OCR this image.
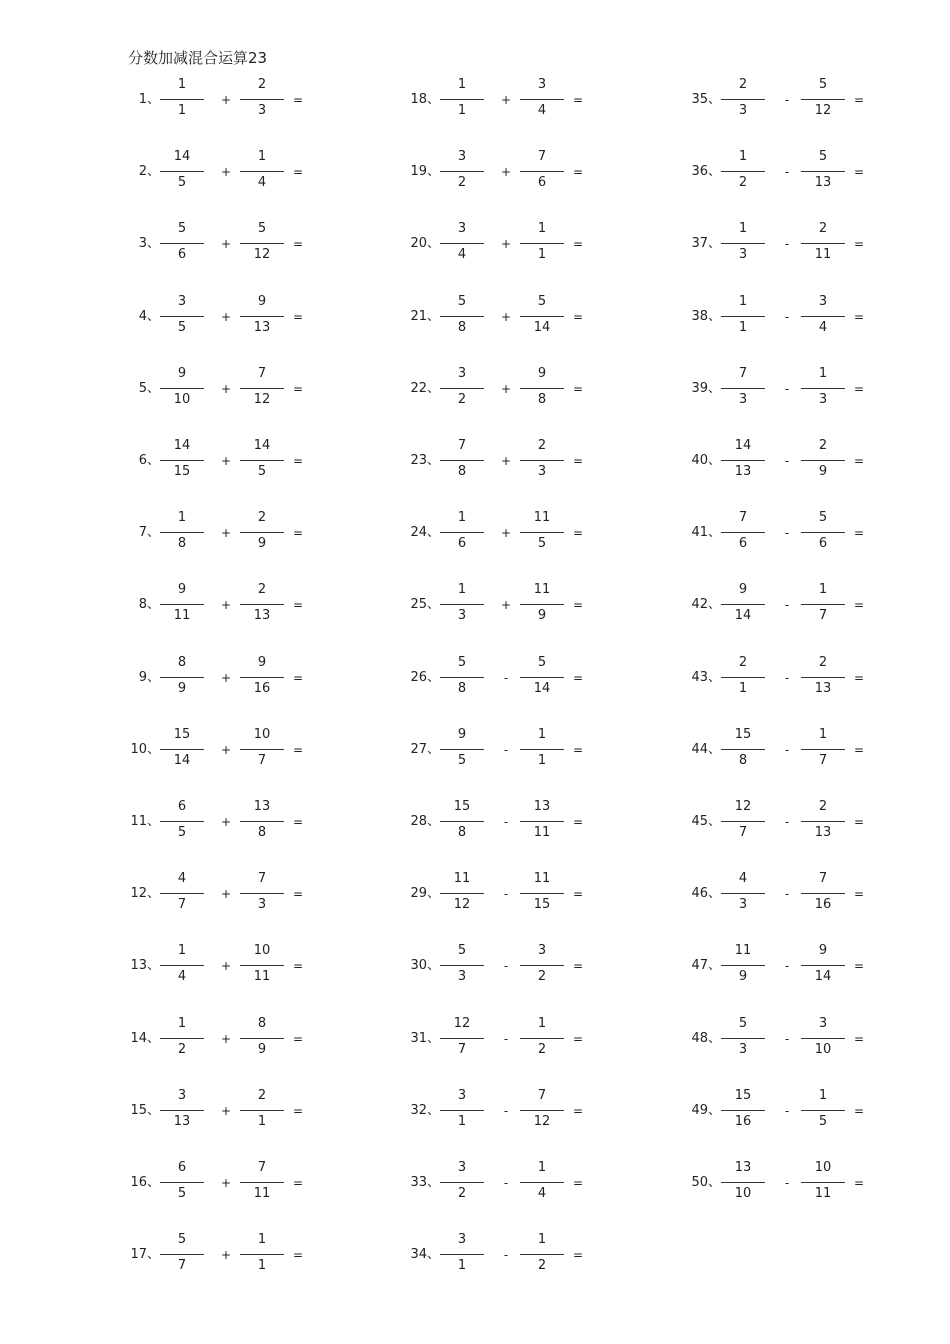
分数加减混合运算23
1、
1
1
+
2
3
=
2、
14
5
+
1
4
=
3、
5
6
+
5
12
=
4、
3
5
+
9
13
=
5、
9
10
+
7
12
=
6、
14
15
+
14
5
=
7、
1
8
+
2
9
=
8、
9
11
+
2
13
=
9、
8
9
+
9
16
=
10、
15
14
+
10
7
=
11、
6
5
+
13
8
=
12、
4
7
+
7
3
=
13、
1
4
+
10
11
=
14、
1
2
+
8
9
=
15、
3
13
+
2
1
=
16、
6
5
+
7
11
=
17、
5
7
+
1
1
=
18、
1
1
+
3
4
=
19、
3
2
+
7
6
=
20、
3
4
+
1
1
=
21、
5
8
+
5
14
=
22、
3
2
+
9
8
=
23、
7
8
+
2
3
=
24、
1
6
+
11
5
=
25、
1
3
+
11
9
=
26、
5
8
-
5
14
=
27、
9
5
-
1
1
=
28、
15
8
-
13
11
=
29、
11
12
-
11
15
=
30、
5
3
-
3
2
=
31、
12
7
-
1
2
=
32、
3
1
-
7
12
=
33、
3
2
-
1
4
=
34、
3
1
-
1
2
=
35、
2
3
-
5
12
=
36、
1
2
-
5
13
=
37、
1
3
-
2
11
=
38、
1
1
-
3
4
=
39、
7
3
-
1
3
=
40、
14
13
-
2
9
=
41、
7
6
-
5
6
=
42、
9
14
-
1
7
=
43、
2
1
-
2
13
=
44、
15
8
-
1
7
=
45、
12
7
-
2
13
=
46、
4
3
-
7
16
=
47、
11
9
-
9
14
=
48、
5
3
-
3
10
=
49、
15
16
-
1
5
=
50、
13
10
-
10
11
=
